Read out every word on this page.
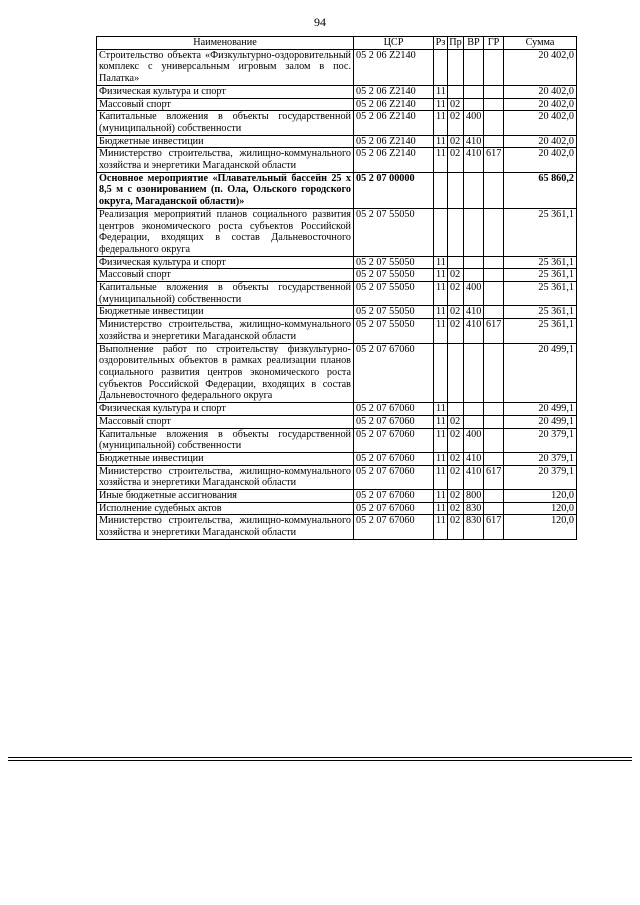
94
Наименование	ЦСР	Рз	Пр	ВР	ГР	Сумма
Строительство объекта «Физкультурно-оздоровительный комплекс с универсальным игровым залом в пос. Палатка»	05 2 06 Z2140					20 402,0
Физическая культура и спорт	05 2 06 Z2140	11				20 402,0
Массовый спорт	05 2 06 Z2140	11	02			20 402,0
Капитальные вложения в объекты государственной (муниципальной) собственности	05 2 06 Z2140	11	02	400		20 402,0
Бюджетные инвестиции	05 2 06 Z2140	11	02	410		20 402,0
Министерство строительства, жилищно-коммунального хозяйства и энергетики Магаданской области	05 2 06 Z2140	11	02	410	617	20 402,0
Основное мероприятие «Плавательный бассейн 25 х 8,5 м с озонированием (п. Ола, Ольского городского округа, Магаданской области)»	05 2 07 00000					65 860,2
Реализация мероприятий планов социального развития центров экономического роста субъектов Российской Федерации, входящих в состав Дальневосточного федерального округа	05 2 07 55050					25 361,1
Физическая культура и спорт	05 2 07 55050	11				25 361,1
Массовый спорт	05 2 07 55050	11	02			25 361,1
Капитальные вложения в объекты государственной (муниципальной) собственности	05 2 07 55050	11	02	400		25 361,1
Бюджетные инвестиции	05 2 07 55050	11	02	410		25 361,1
Министерство строительства, жилищно-коммунального хозяйства и энергетики Магаданской области	05 2 07 55050	11	02	410	617	25 361,1
Выполнение работ по строительству физкультурно-оздоровительных объектов в рамках реализации планов социального развития центров экономического роста субъектов Российской Федерации, входящих в состав Дальневосточного федерального округа	05 2 07 67060					20 499,1
Физическая культура и спорт	05 2 07 67060	11				20 499,1
Массовый спорт	05 2 07 67060	11	02			20 499,1
Капитальные вложения в объекты государственной (муниципальной) собственности	05 2 07 67060	11	02	400		20 379,1
Бюджетные инвестиции	05 2 07 67060	11	02	410		20 379,1
Министерство строительства, жилищно-коммунального хозяйства и энергетики Магаданской области	05 2 07 67060	11	02	410	617	20 379,1
Иные бюджетные ассигнования	05 2 07 67060	11	02	800		120,0
Исполнение судебных актов	05 2 07 67060	11	02	830		120,0
Министерство строительства, жилищно-коммунального хозяйства и энергетики Магаданской области	05 2 07 67060	11	02	830	617	120,0
